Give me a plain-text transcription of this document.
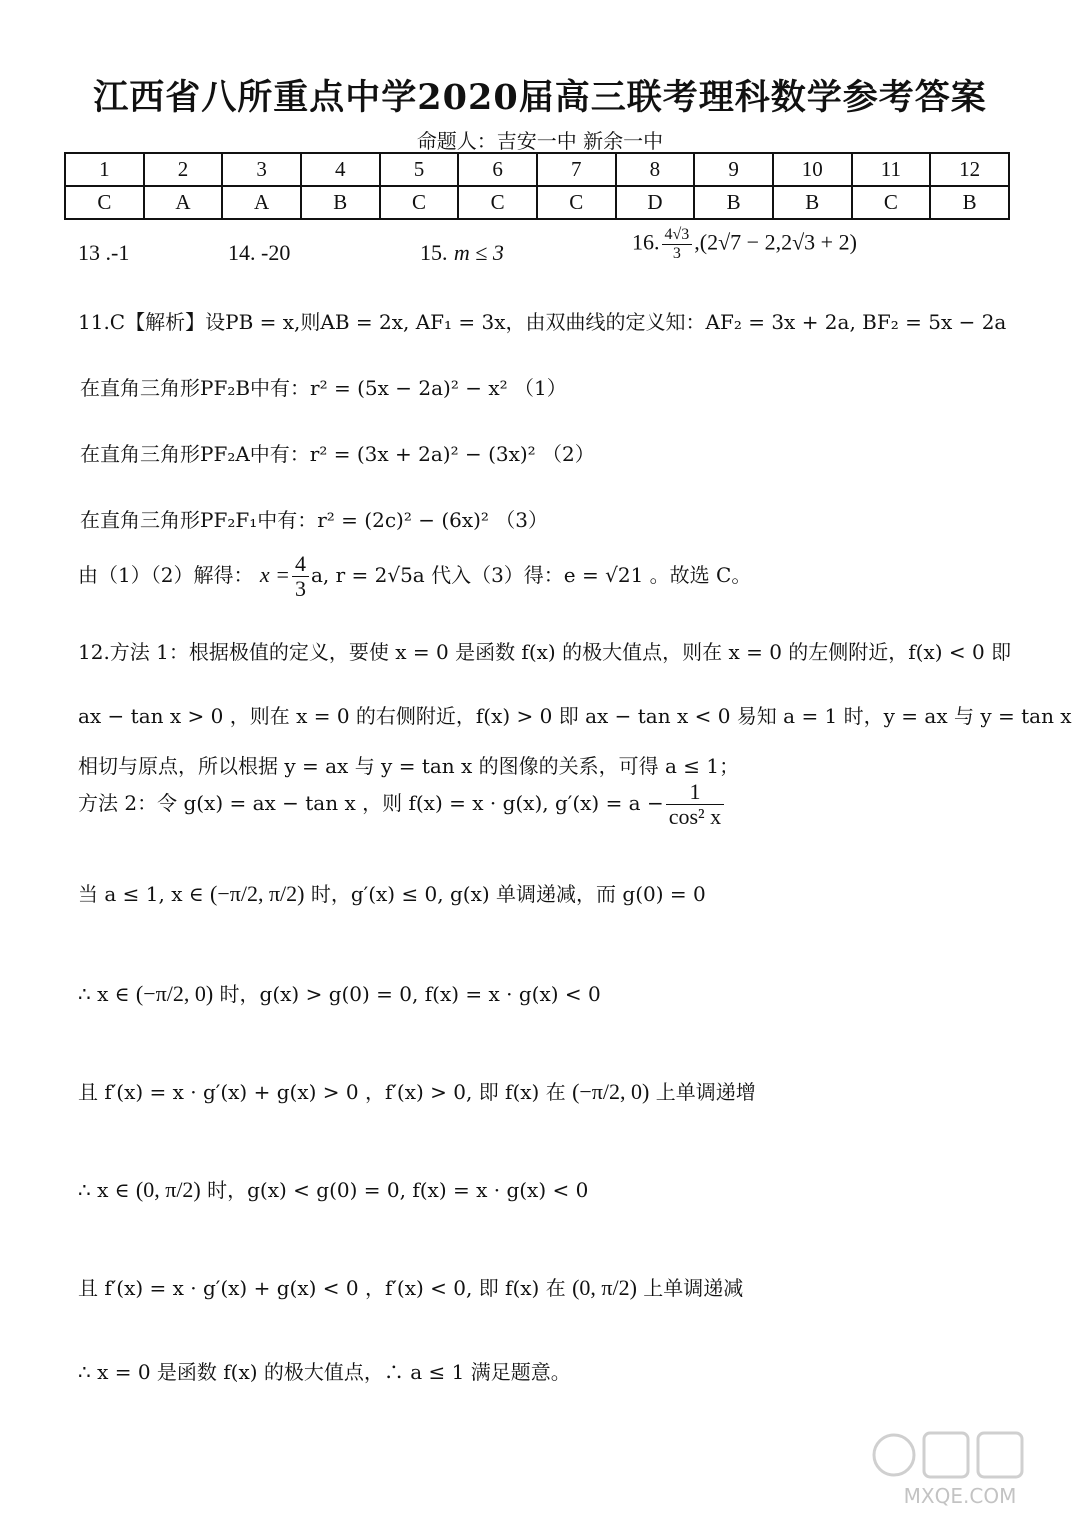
江西省八所重点中学2020届高三联考理科数学参考答案
命题人：吉安一中 新余一中
1	2	3	4	5	6	7	8	9	10	11	12
C	A	A	B	C	C	C	D	B	B	C	B
13 .-1	14. -20	15. m ≤ 3	16. $\frac{4√3}{3} ,(2√7 - 2,2√3 + 2)$
11.C【解析】设PB = x,则AB = 2x, AF₁ = 3x，由双曲线的定义知：AF₂ = 3x + 2a, BF₂ = 5x − 2a
在直角三角形PF₂B中有：r² = (5x − 2a)² − x² （1）
在直角三角形PF₂A中有：r² = (3x + 2a)² − (3x)² （2）
在直角三角形PF₂F₁中有：r² = (2c)² − (6x)² （3）
由（1）（2）解得： $x = \frac{4}{3} a$, r = 2√5a 代入（3）得：e = √21 。故选 C。
12.方法 1：根据极值的定义，要使 x = 0 是函数 f(x) 的极大值点，则在 x = 0 的左侧附近，f(x) < 0 即
ax − tan x > 0 ，则在 x = 0 的右侧附近，f(x) > 0 即 ax − tan x < 0 易知 a = 1 时，y = ax 与 y = tan x
相切与原点，所以根据 y = ax 与 y = tan x 的图像的关系，可得 a ≤ 1；
方法 2：令 g(x) = ax − tan x ，则 f(x) = x · g(x), $g'(x) = a - \frac{1}{\text{cos² x}}$
当 a ≤ 1, x ∈ (−π/2, π/2) 时，g′(x) ≤ 0, g(x) 单调递减，而 g(0) = 0
∴ x ∈ (−π/2, 0) 时，g(x) > g(0) = 0, f(x) = x · g(x) < 0
且 f′(x) = x · g′(x) + g(x) > 0 ，f′(x) > 0, 即 f(x) 在 (−π/2, 0) 上单调递增
∴ x ∈ (0, π/2) 时，g(x) < g(0) = 0, f(x) = x · g(x) < 0
且 f′(x) = x · g′(x) + g(x) < 0 ，f′(x) < 0, 即 f(x) 在 (0, π/2) 上单调递减
∴ x = 0 是函数 f(x) 的极大值点，∴ a ≤ 1 满足题意。
MXQE.COM
